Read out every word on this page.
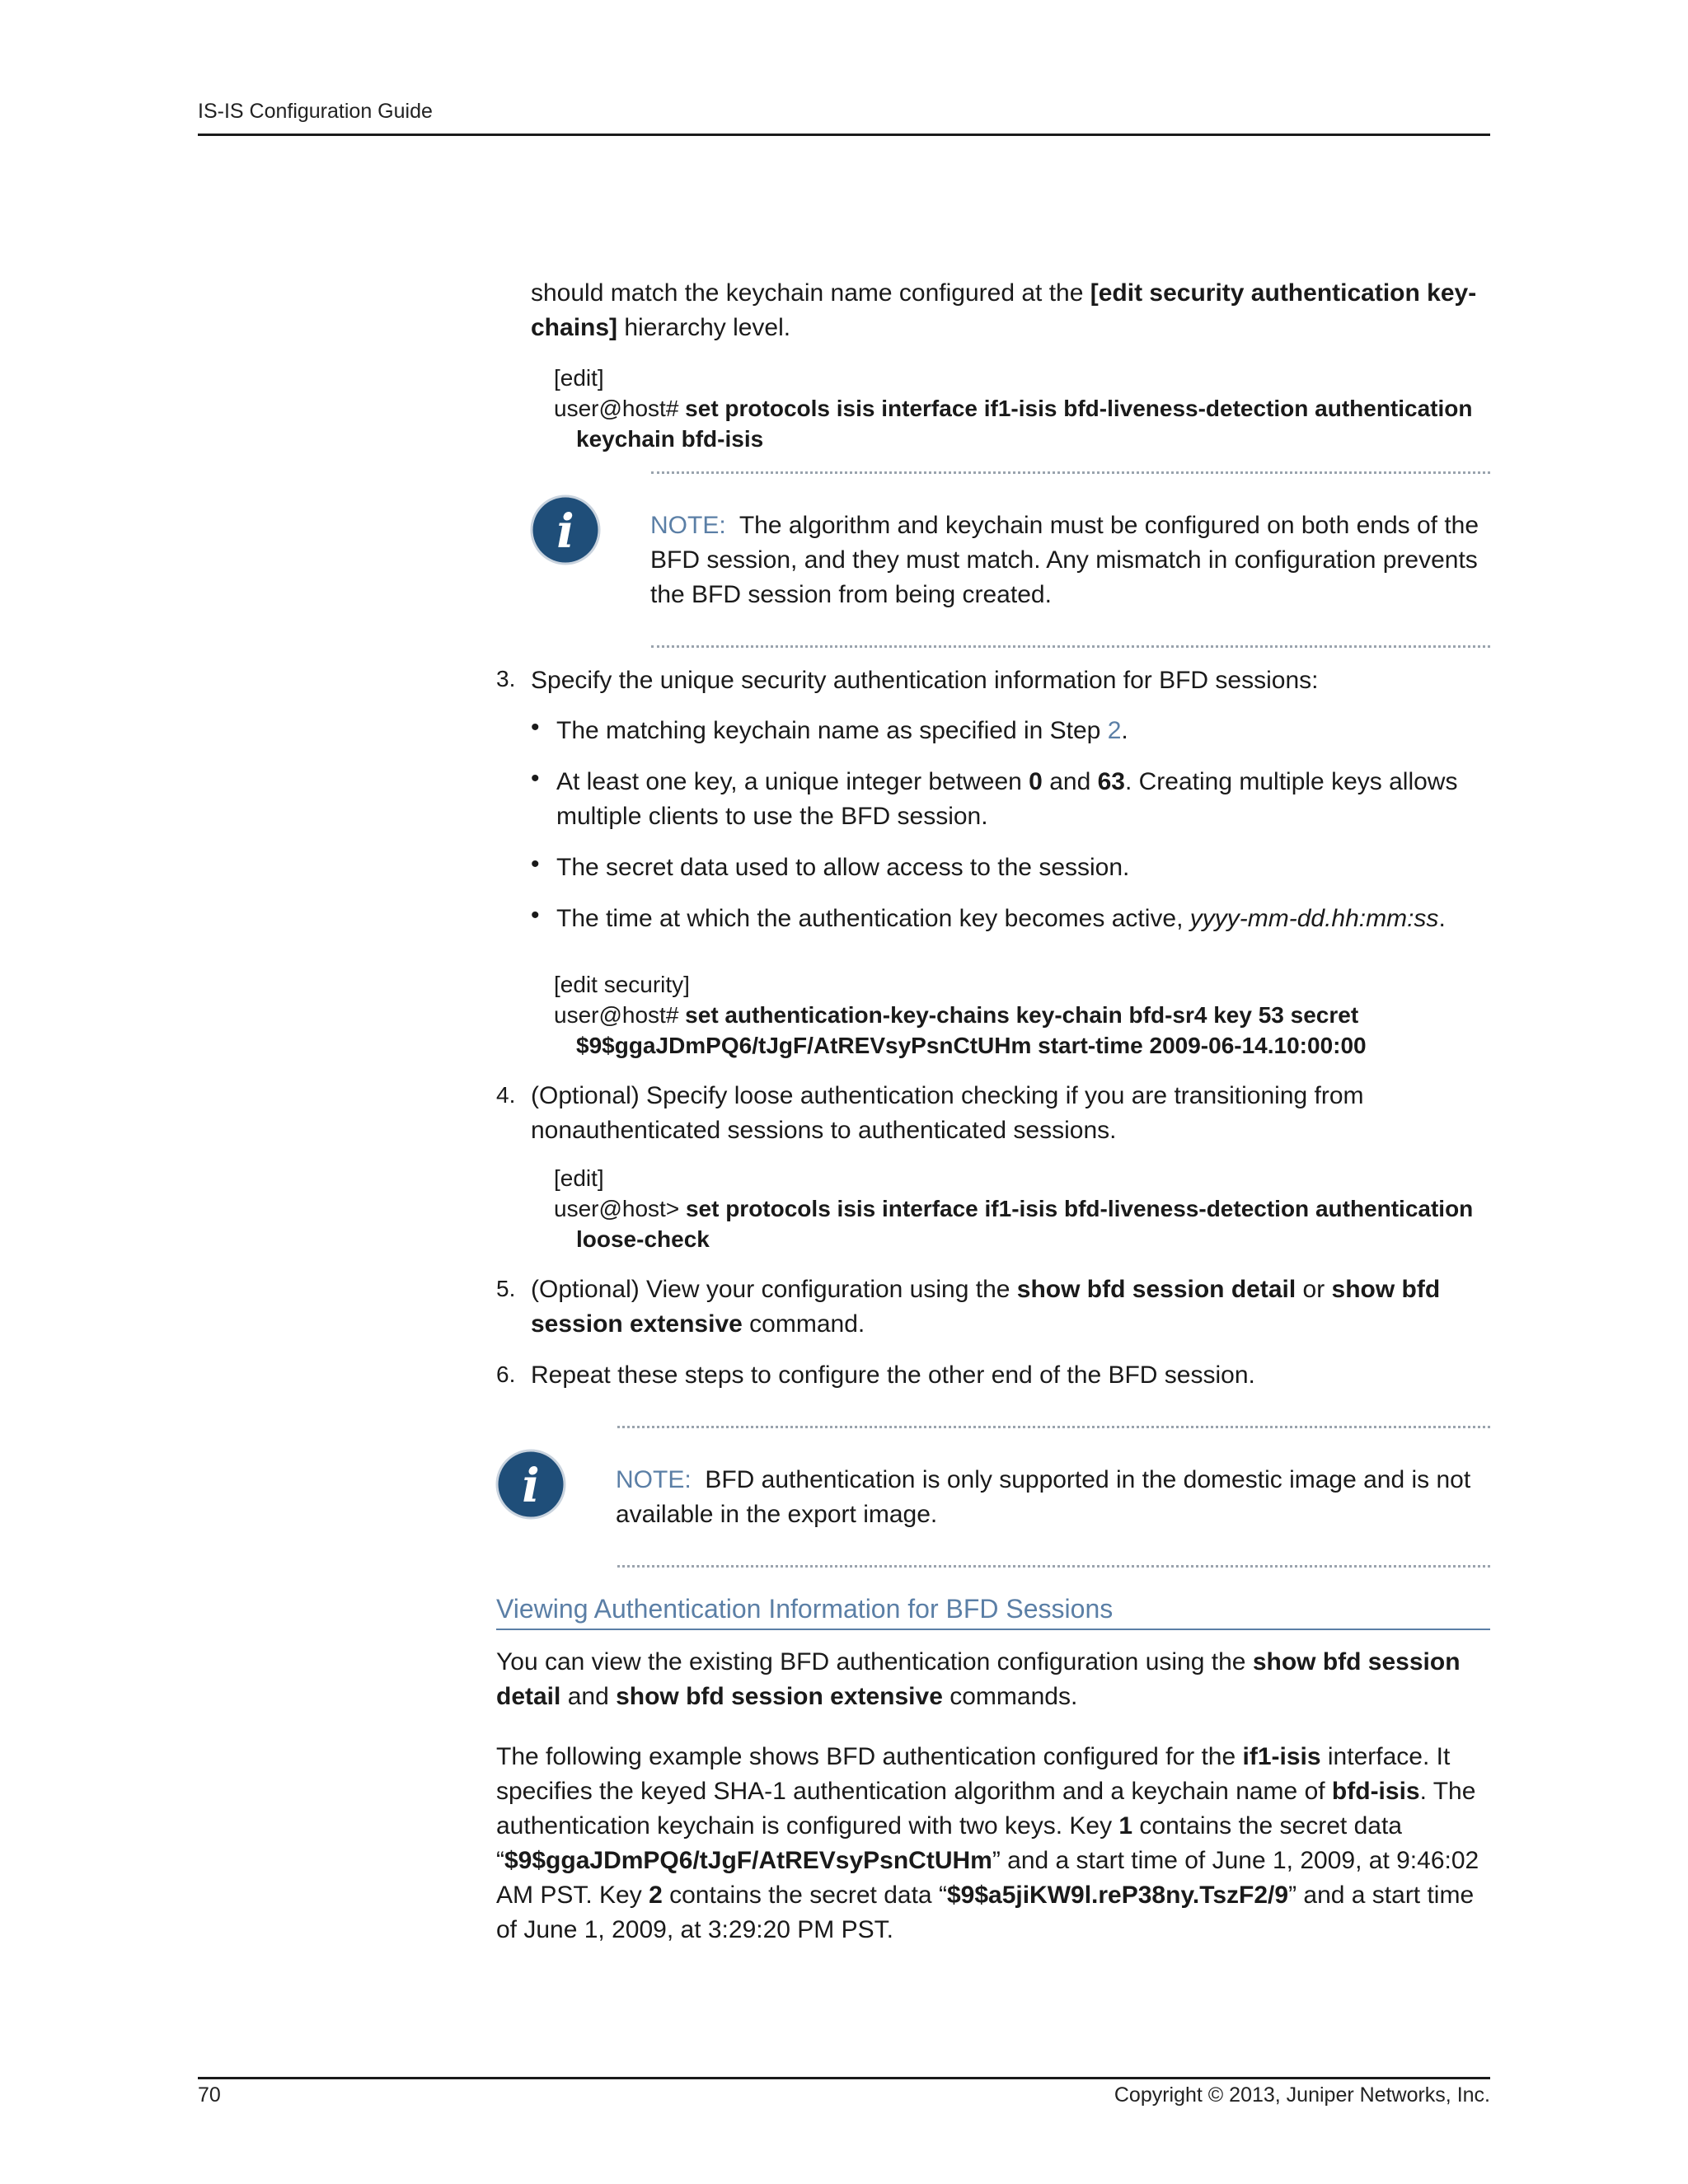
IS-IS Configuration Guide
should match the keychain name configured at the [edit security authentication key-chains] hierarchy level.
[edit]
user@host# set protocols isis interface if1-isis bfd-liveness-detection authentication
keychain bfd-isis
i	NOTE: The algorithm and keychain must be configured on both ends of the BFD session, and they must match. Any mismatch in configuration prevents the BFD session from being created.
3. Specify the unique security authentication information for BFD sessions:
• The matching keychain name as specified in Step 2.
• At least one key, a unique integer between 0 and 63. Creating multiple keys allows multiple clients to use the BFD session.
• The secret data used to allow access to the session.
• The time at which the authentication key becomes active, yyyy-mm-dd.hh:mm:ss.
[edit security]
user@host# set authentication-key-chains key-chain bfd-sr4 key 53 secret
$9$ggaJDmPQ6/tJgF/AtREVsyPsnCtUHm start-time 2009-06-14.10:00:00
4. (Optional) Specify loose authentication checking if you are transitioning from nonauthenticated sessions to authenticated sessions.
[edit]
user@host> set protocols isis interface if1-isis bfd-liveness-detection authentication
loose-check
5. (Optional) View your configuration using the show bfd session detail or show bfd session extensive command.
6. Repeat these steps to configure the other end of the BFD session.
i	NOTE: BFD authentication is only supported in the domestic image and is not available in the export image.
Viewing Authentication Information for BFD Sessions
You can view the existing BFD authentication configuration using the show bfd session detail and show bfd session extensive commands.
The following example shows BFD authentication configured for the if1-isis interface. It specifies the keyed SHA-1 authentication algorithm and a keychain name of bfd-isis. The authentication keychain is configured with two keys. Key 1 contains the secret data “$9$ggaJDmPQ6/tJgF/AtREVsyPsnCtUHm” and a start time of June 1, 2009, at 9:46:02 AM PST. Key 2 contains the secret data “$9$a5jiKW9l.reP38ny.TszF2/9” and a start time of June 1, 2009, at 3:29:20 PM PST.
70	Copyright © 2013, Juniper Networks, Inc.
